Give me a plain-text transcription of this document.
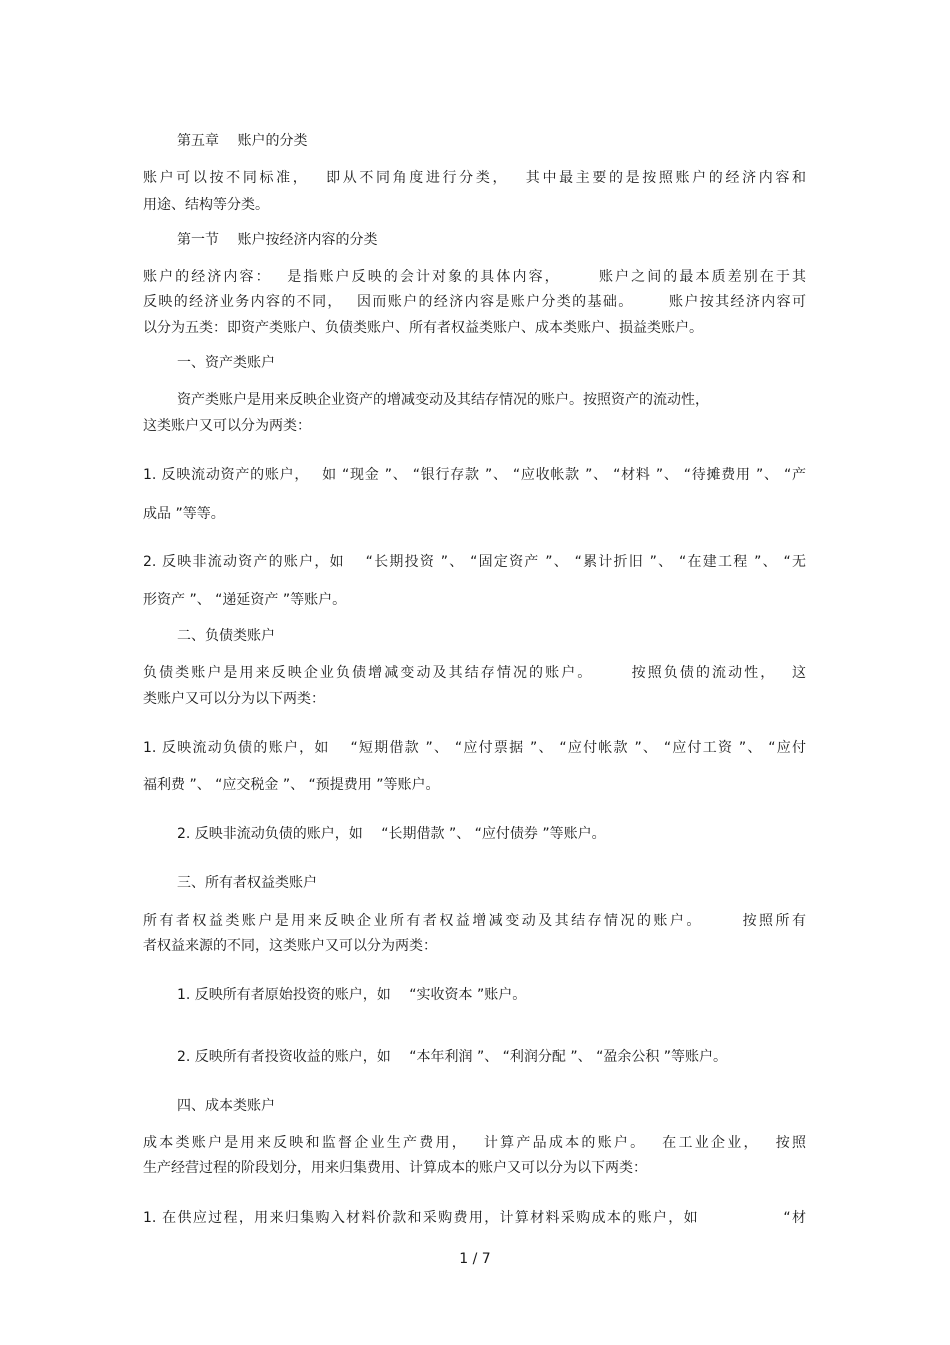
第五章　 账户的分类
账户可以按不同标准，　 即从不同角度进行分类，　 其中最主要的是按照账户的经济内容和
用途、结构等分类。
第一节　 账户按经济内容的分类
账户的经济内容：　 是指账户反映的会计对象的具体内容，　 　 账户之间的最本质差别在于其
反映的经济业务内容的不同，　 因而账户的经济内容是账户分类的基础。　 　 账户按其经济内容可
以分为五类：即资产类账户、负债类账户、所有者权益类账户、成本类账户、损益类账户。
一、资产类账户
资产类账户是用来反映企业资产的增减变动及其结存情况的账户。按照资产的流动性，
这类账户又可以分为两类：
1. 反映流动资产的账户，　 如 “现金 ”、 “银行存款 ”、 “应收帐款 ”、 “材料 ”、 “待摊费用 ”、 “产
成品 ”等等。
2. 反映非流动资产的账户，如　 “长期投资 ”、 “固定资产 ”、 “累计折旧 ”、 “在建工程 ”、 “无
形资产 ”、 “递延资产 ”等账户。
二、负债类账户
负债类账户是用来反映企业负债增减变动及其结存情况的账户。　 　 按照负债的流动性，　 这
类账户又可以分为以下两类：
1. 反映流动负债的账户，如　 “短期借款 ”、 “应付票据 ”、 “应付帐款 ”、 “应付工资 ”、 “应付
福利费 ”、 “应交税金 ”、 “预提费用 ”等账户。
2. 反映非流动负债的账户，如　 “长期借款 ”、 “应付债券 ”等账户。
三、所有者权益类账户
所有者权益类账户是用来反映企业所有者权益增减变动及其结存情况的账户。　 　 按照所有
者权益来源的不同，这类账户又可以分为两类：
1. 反映所有者原始投资的账户，如　 “实收资本 ”账户。
2. 反映所有者投资收益的账户，如　 “本年利润 ”、 “利润分配 ”、 “盈余公积 ”等账户。
四、成本类账户
成本类账户是用来反映和监督企业生产费用，　 计算产品成本的账户。　 在工业企业，　 按照
生产经营过程的阶段划分，用来归集费用、计算成本的账户又可以分为以下两类：
1. 在供应过程，用来归集购入材料价款和采购费用，计算材料采购成本的账户，如　 　 　 　 “材
1 / 7
